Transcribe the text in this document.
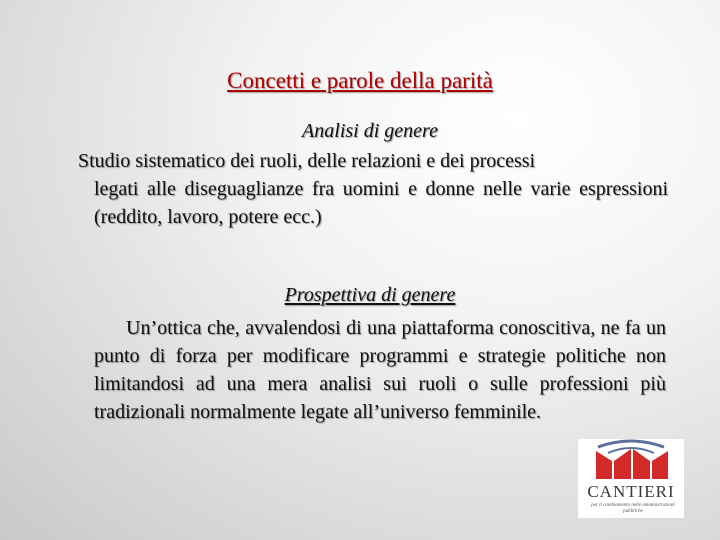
Concetti e parole della parità
Analisi di genere
Studio sistematico dei ruoli, delle relazioni e dei processi
legati alle diseguaglianze fra uomini e donne nelle varie espressioni (reddito, lavoro, potere ecc.)
Prospettiva di genere
Un’ottica che, avvalendosi di una piattaforma conoscitiva, ne fa un punto di forza per modificare programmi e strategie politiche non limitandosi ad una mera analisi sui ruoli o sulle professioni più tradizionali normalmente legate all’universo femminile.
CANTIERI
per il cambiamento nelle amministrazioni pubbliche
